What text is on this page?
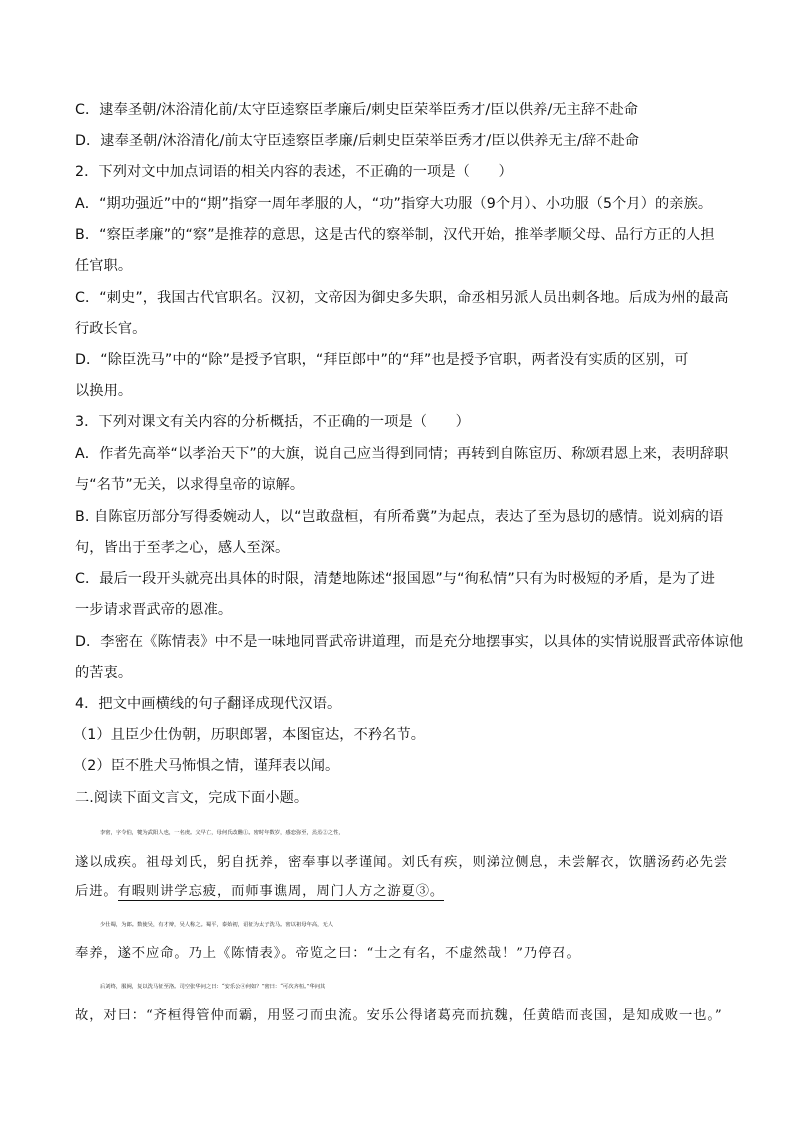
C．逮奉圣朝/沐浴清化前/太守臣逵察臣孝廉后/刺史臣荣举臣秀才/臣以供养/无主辞不赴命
D．逮奉圣朝/沐浴清化/前太守臣逵察臣孝廉/后刺史臣荣举臣秀才/臣以供养无主/辞不赴命
2．下列对文中加点词语的相关内容的表述，不正确的一项是（　　）
A．“期功强近”中的“期”指穿一周年孝服的人，“功”指穿大功服（9个月）、小功服（5个月）的亲族。
B．“察臣孝廉”的“察”是推荐的意思，这是古代的察举制，汉代开始，推举孝顺父母、品行方正的人担
任官职。
C．“刺史”，我国古代官职名。汉初，文帝因为御史多失职，命丞相另派人员出刺各地。后成为州的最高
行政长官。
D．“除臣洗马”中的“除”是授予官职，“拜臣郎中”的“拜”也是授予官职，两者没有实质的区别，可
以换用。
3．下列对课文有关内容的分析概括，不正确的一项是（　　）
A．作者先高举“以孝治天下”的大旗，说自己应当得到同情；再转到自陈宦历、称颂君恩上来，表明辞职
与“名节”无关，以求得皇帝的谅解。
B. 自陈宦历部分写得委婉动人，以“岂敢盘桓，有所希冀”为起点，表达了至为恳切的感情。说刘病的语
句，皆出于至孝之心，感人至深。
C．最后一段开头就亮出具体的时限，清楚地陈述“报国恩”与“徇私情”只有为时极短的矛盾，是为了进
一步请求晋武帝的恩准。
D．李密在《陈情表》中不是一味地同晋武帝讲道理，而是充分地摆事实，以具体的实情说服晋武帝体谅他
的苦衷。
4．把文中画横线的句子翻译成现代汉语。
（1）且臣少仕伪朝，历职郎署，本图宦达，不矜名节。
（2）臣不胜犬马怖惧之情，谨拜表以闻。
二.阅读下面文言文，完成下面小题。
李密，字令伯，犍为武阳人也，一名虔。父早亡，母何氏改醮①。密时年数岁，感恋弥至，烝烝②之性，
遂以成疾。祖母刘氏，躬自抚养，密奉事以孝谨闻。刘氏有疾，则涕泣侧息，未尝解衣，饮膳汤药必先尝
后进。有暇则讲学忘疲，而师事谯周，周门人方之游夏③。
少仕蜀，为郎。数使吴，有才辩，吴人称之。蜀平，泰始初，诏征为太子洗马。密以祖母年高，无人
奉养，遂不应命。乃上《陈情表》。帝览之曰：“士之有名，不虚然哉！”乃停召。
后刘终，服阕，复以洗马征至洛。司空张华问之曰：“安乐公④何如？”密曰：“可次齐桓。”华问其
故，对曰：“齐桓得管仲而霸，用竖刁而虫流。安乐公得诸葛亮而抗魏，任黄皓而丧国，是知成败一也。”
